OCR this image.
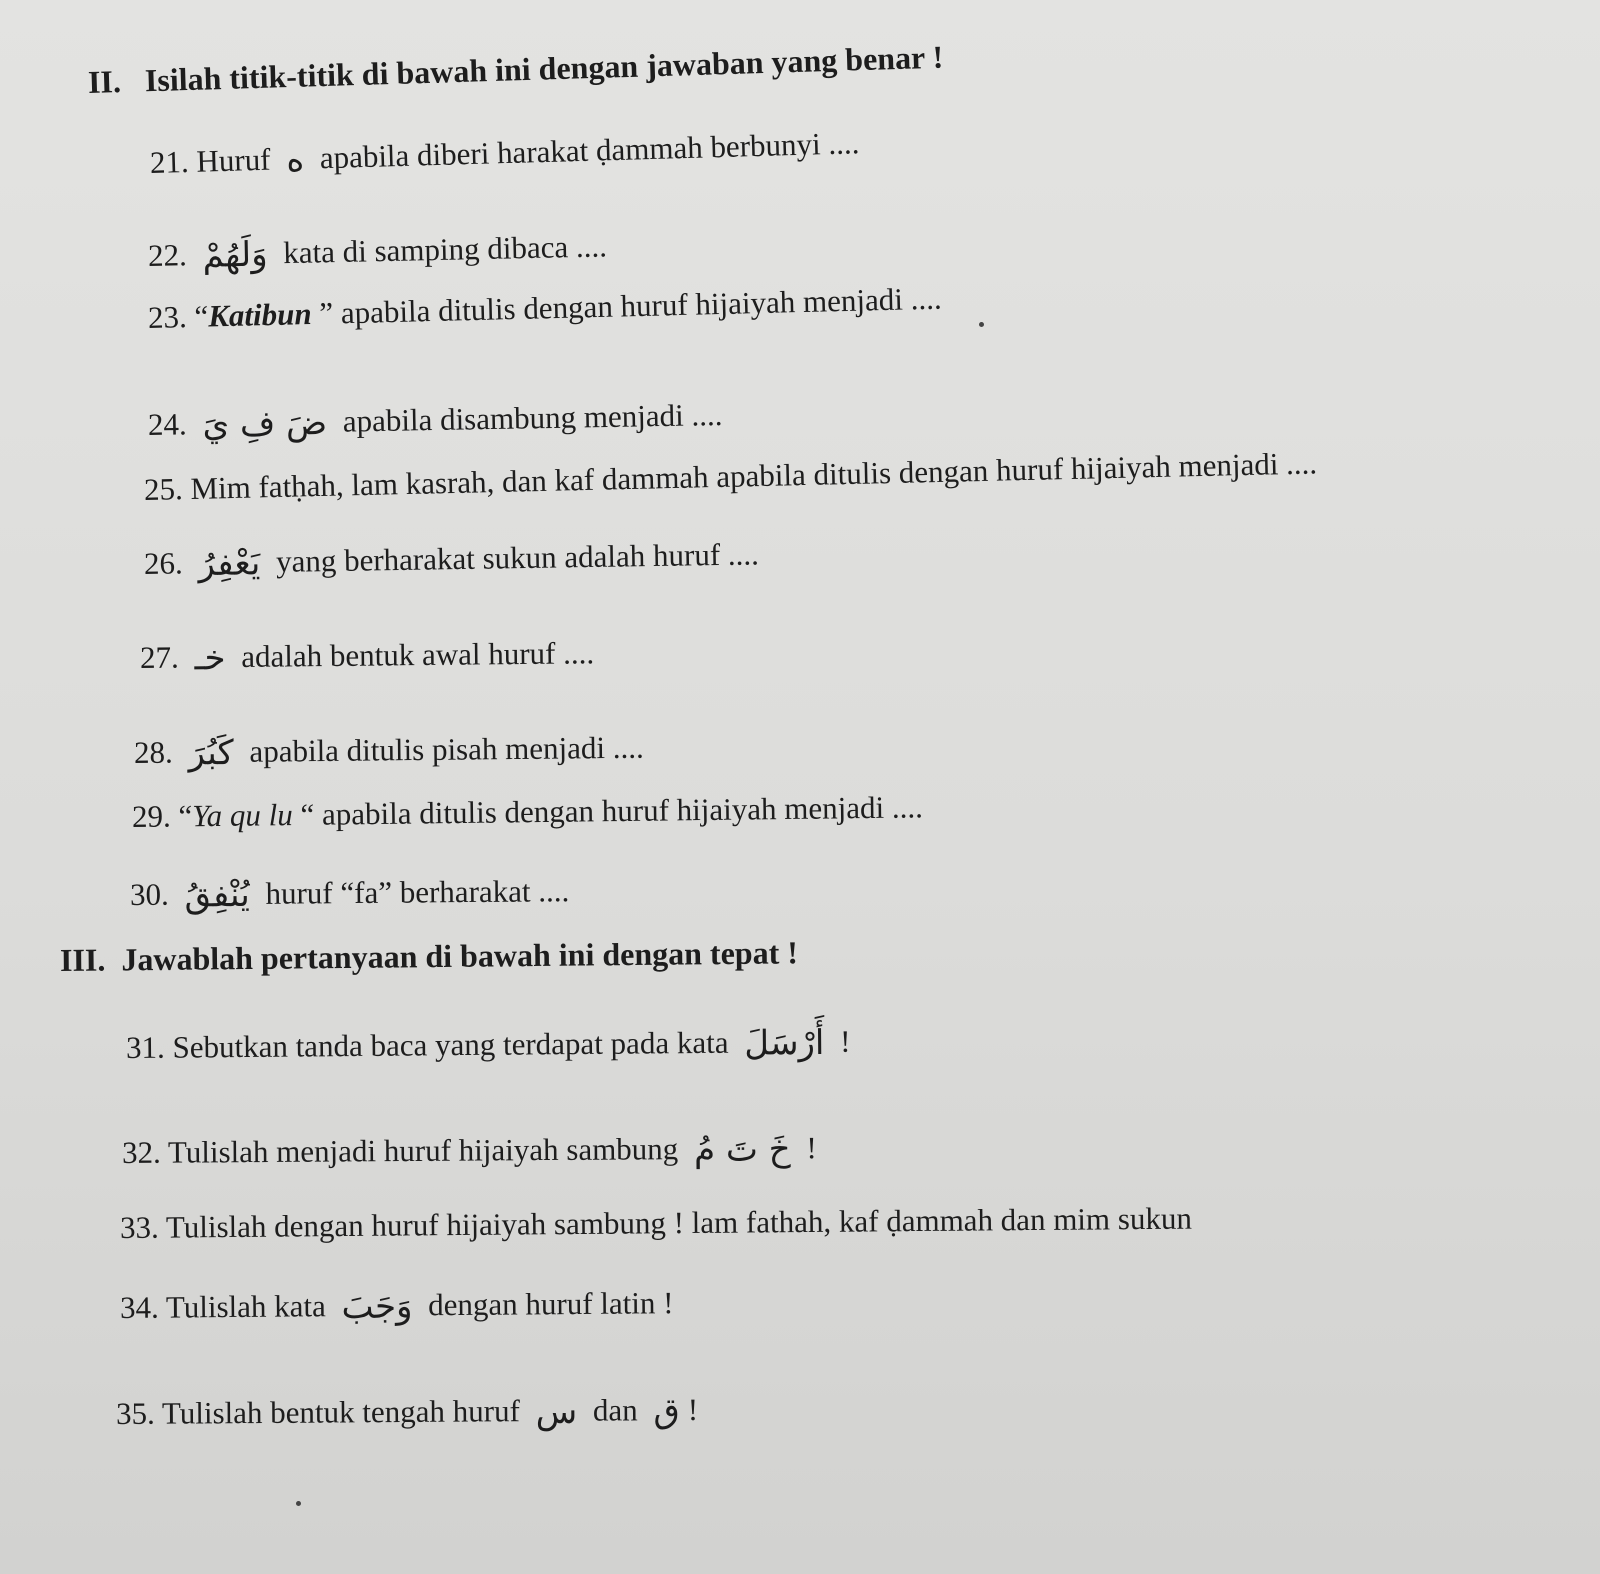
II. Isilah titik-titik di bawah ini dengan jawaban yang benar !
21. Huruf ه apabila diberi harakat ḍammah berbunyi ....
22. وَلَهُمْ kata di samping dibaca ....
23. “Katibun ” apabila ditulis dengan huruf hijaiyah menjadi ....
24. ضَ فِ يَ apabila disambung menjadi ....
25. Mim fatḥah, lam kasrah, dan kaf dammah apabila ditulis dengan huruf hijaiyah menjadi ....
26. يَعْفِرُ yang berharakat sukun adalah huruf ....
27. خـ adalah bentuk awal huruf ....
28. كَبُرَ apabila ditulis pisah menjadi ....
29. “Ya qu lu “ apabila ditulis dengan huruf hijaiyah menjadi ....
30. يُنْفِقُ huruf “fa” berharakat ....
III. Jawablah pertanyaan di bawah ini dengan tepat !
31. Sebutkan tanda baca yang terdapat pada kata أَرْسَلَ !
32. Tulislah menjadi huruf hijaiyah sambung خَ تَ مُ !
33. Tulislah dengan huruf hijaiyah sambung ! lam fathah, kaf ḍammah dan mim sukun
34. Tulislah kata وَجَبَ dengan huruf latin !
35. Tulislah bentuk tengah huruf س dan ق !
